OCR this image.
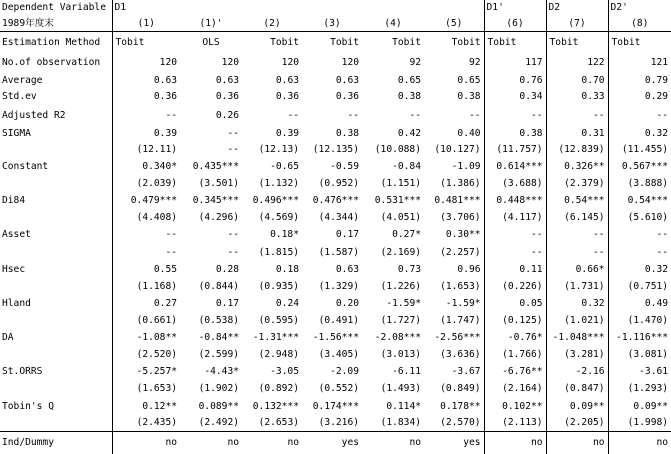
Dependent Variable	D1						D1'	D2	D2'
1989年度末	(1)	(1)'	(2)	(3)	(4)	(5)	(6)	(7)	(8)
Estimation Method	Tobit	OLS	Tobit	Tobit	Tobit	Tobit	Tobit	Tobit	Tobit
No.of observation	120	120	120	120	92	92	117	122	121
Average	0.63	0.63	0.63	0.63	0.65	0.65	0.76	0.70	0.79
Std.ev	0.36	0.36	0.36	0.36	0.38	0.38	0.34	0.33	0.29
Adjusted R2	--	0.26	--	--	--	--	--	--	--
SIGMA	0.39	--	0.39	0.38	0.42	0.40	0.38	0.31	0.32
	(12.11)	--	(12.13)	(12.135)	(10.088)	(10.127)	(11.757)	(12.839)	(11.455)
Constant	0.340*	0.435***	-0.65	-0.59	-0.84	-1.09	0.614***	0.326**	0.567***
	(2.039)	(3.501)	(1.132)	(0.952)	(1.151)	(1.386)	(3.688)	(2.379)	(3.888)
Di84	0.479***	0.345***	0.496***	0.476***	0.531***	0.481***	0.448***	0.54***	0.54***
	(4.408)	(4.296)	(4.569)	(4.344)	(4.051)	(3.706)	(4.117)	(6.145)	(5.610)
Asset	--	--	0.18*	0.17	0.27*	0.30**	--	--	--
	--	--	(1.815)	(1.587)	(2.169)	(2.257)	--	--	--
Hsec	0.55	0.28	0.18	0.63	0.73	0.96	0.11	0.66*	0.32
	(1.168)	(0.844)	(0.935)	(1.329)	(1.226)	(1.653)	(0.226)	(1.731)	(0.751)
Hland	0.27	0.17	0.24	0.20	-1.59*	-1.59*	0.05	0.32	0.49
	(0.661)	(0.538)	(0.595)	(0.491)	(1.727)	(1.747)	(0.125)	(1.021)	(1.470)
DA	-1.08**	-0.84**	-1.31***	-1.56***	-2.08***	-2.56***	-0.76*	-1.048***	-1.116***
	(2.520)	(2.599)	(2.948)	(3.405)	(3.013)	(3.636)	(1.766)	(3.281)	(3.081)
St.ORRS	-5.257*	-4.43*	-3.05	-2.09	-6.11	-3.67	-6.76**	-2.16	-3.61
	(1.653)	(1.902)	(0.892)	(0.552)	(1.493)	(0.849)	(2.164)	(0.847)	(1.293)
Tobin's Q	0.12**	0.089**	0.132***	0.174***	0.114*	0.178**	0.102**	0.09**	0.09**
	(2.435)	(2.492)	(2.653)	(3.216)	(1.834)	(2.570)	(2.113)	(2.205)	(1.998)
Ind/Dummy	no	no	no	yes	no	yes	no	no	no
